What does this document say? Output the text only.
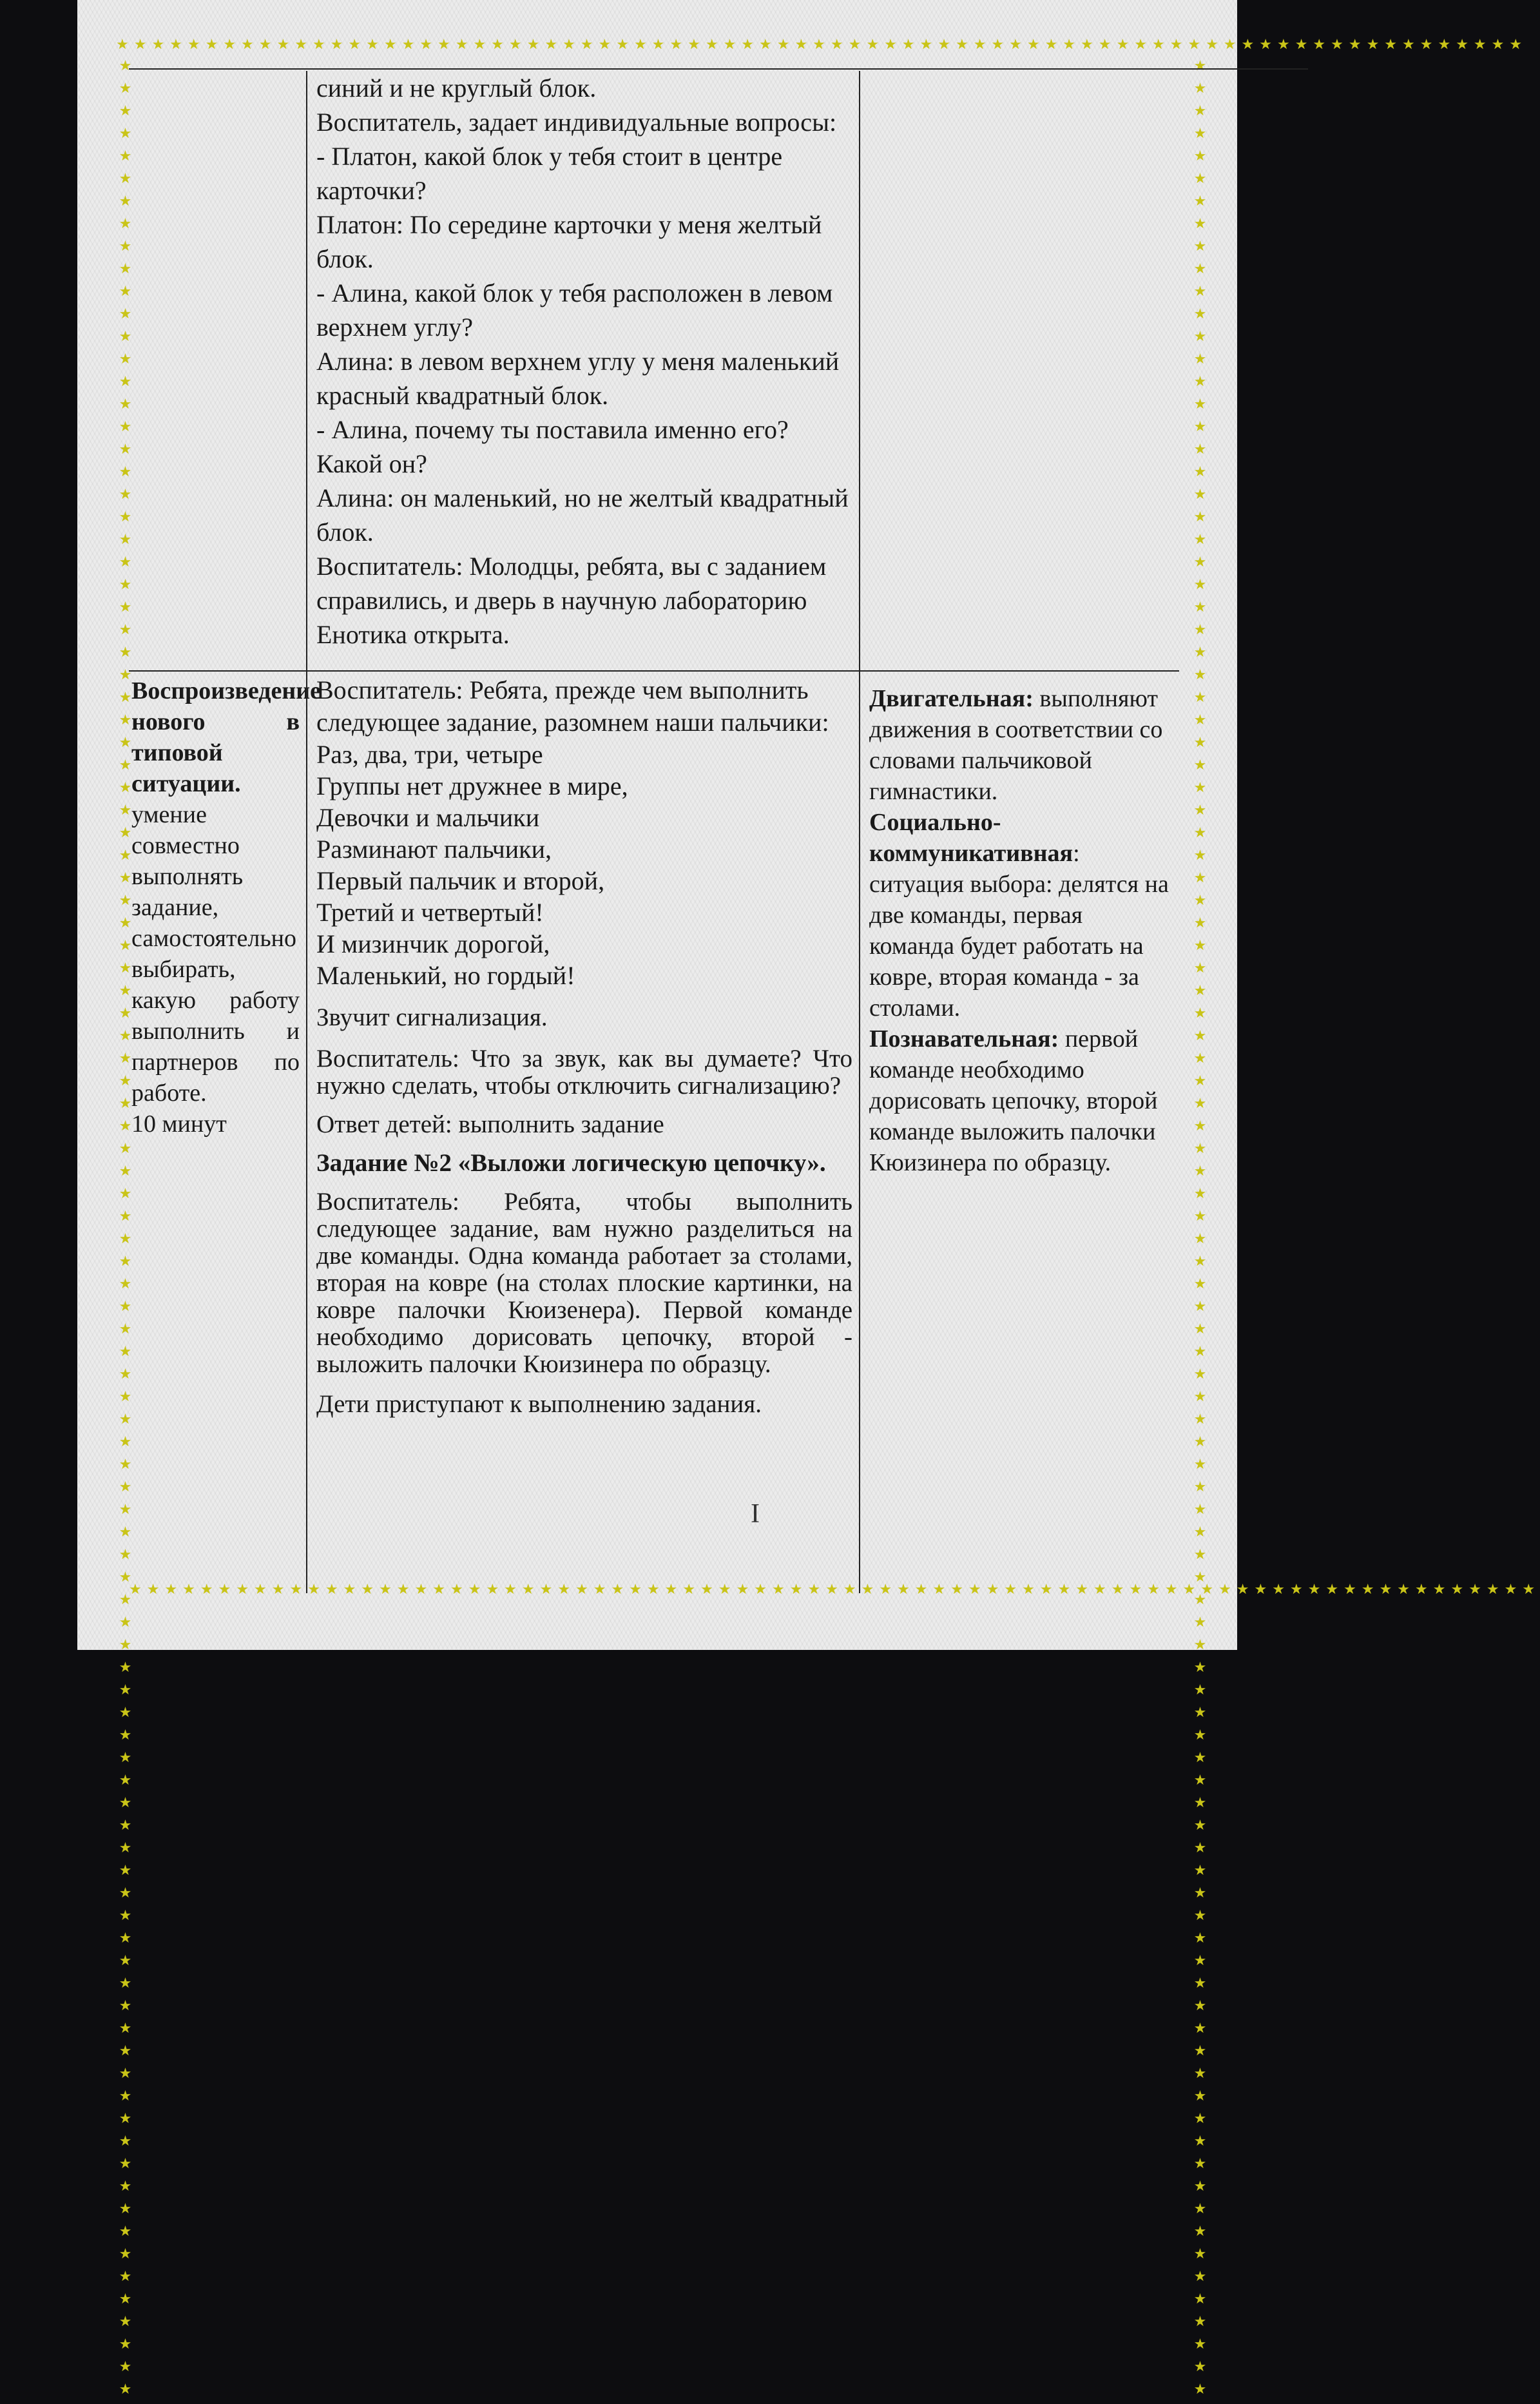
★★★★★★★★★★★★★★★★★★★★★★★★★★★★★★★★★★★★★★★★★★★★★★★★★★★★★★★★★★★★★★★★★★★★★★★★★★★★★★★
★★★★★★★★★★★★★★★★★★★★★★★★★★★★★★★★★★★★★★★★★★★★★★★★★★★★★★★★★★★★★★★★★★★★★★★★★★★★★★★★★★★★★★★★★★★★★★★★★★★★★★★★	★★★★★★★★★★★★★★★★★★★★★★★★★★★★★★★★★★★★★★★★★★★★★★★★★★★★★★★★★★★★★★★★★★★★★★★★★★★★★★★★★★★★★★★★★★★★★★★★★★★★★★★★
★★★★★★★★★★★★★★★★★★★★★★★★★★★★★★★★★★★★★★★★★★★★★★★★★★★★★★★★★★★★★★★★★★★★★★★★★★★★★★★

синий и не круглый блок.

Воспитатель, задает индивидуальные вопросы:

- Платон, какой блок у тебя стоит в центре карточки?

Платон: По середине карточки у меня желтый блок.

- Алина, какой блок у тебя расположен в левом верхнем углу?

Алина: в левом верхнем углу у меня маленький красный квадратный блок.

- Алина, почему ты поставила именно его? Какой он?

Алина: он маленький, но не желтый квадратный блок.

Воспитатель: Молодцы, ребята, вы с заданием справились, и дверь в научную лабораторию Енотика открыта.

Воспроизведение нового в типовой ситуации.
умение совместно выполнять задание, самостоятельно выбирать, какую работу выполнить и партнеров по работе.
10 минут
Воспитатель: Ребята, прежде чем выполнить следующее задание, разомнем наши пальчики:

Раз, два, три, четыре

Группы нет дружнее в мире,

Девочки и мальчики

Разминают пальчики,

Первый пальчик и второй,

Третий и четвертый!

И мизинчик дорогой,

Маленький, но гордый!

Звучит сигнализация.

Воспитатель: Что за звук, как вы думаете? Что нужно сделать, чтобы отключить сигнализацию?

Ответ детей: выполнить задание

Задание №2 «Выложи логическую цепочку».

Воспитатель: Ребята, чтобы выполнить следующее задание, вам нужно разделиться на две команды. Одна команда работает за столами, вторая на ковре (на столах плоские картинки, на ковре палочки Кюизенера). Первой команде необходимо дорисовать цепочку, второй - выложить палочки Кюизинера по образцу.

Дети приступают к выполнению задания.

Двигательная: выполняют движения в соответствии со словами пальчиковой гимнастики.
Социально-коммуникативная: ситуация выбора: делятся на две команды, первая команда будет работать на ковре, вторая команда - за столами.
Познавательная: первой команде необходимо дорисовать цепочку, второй команде выложить палочки Кюизинера по образцу.
I
